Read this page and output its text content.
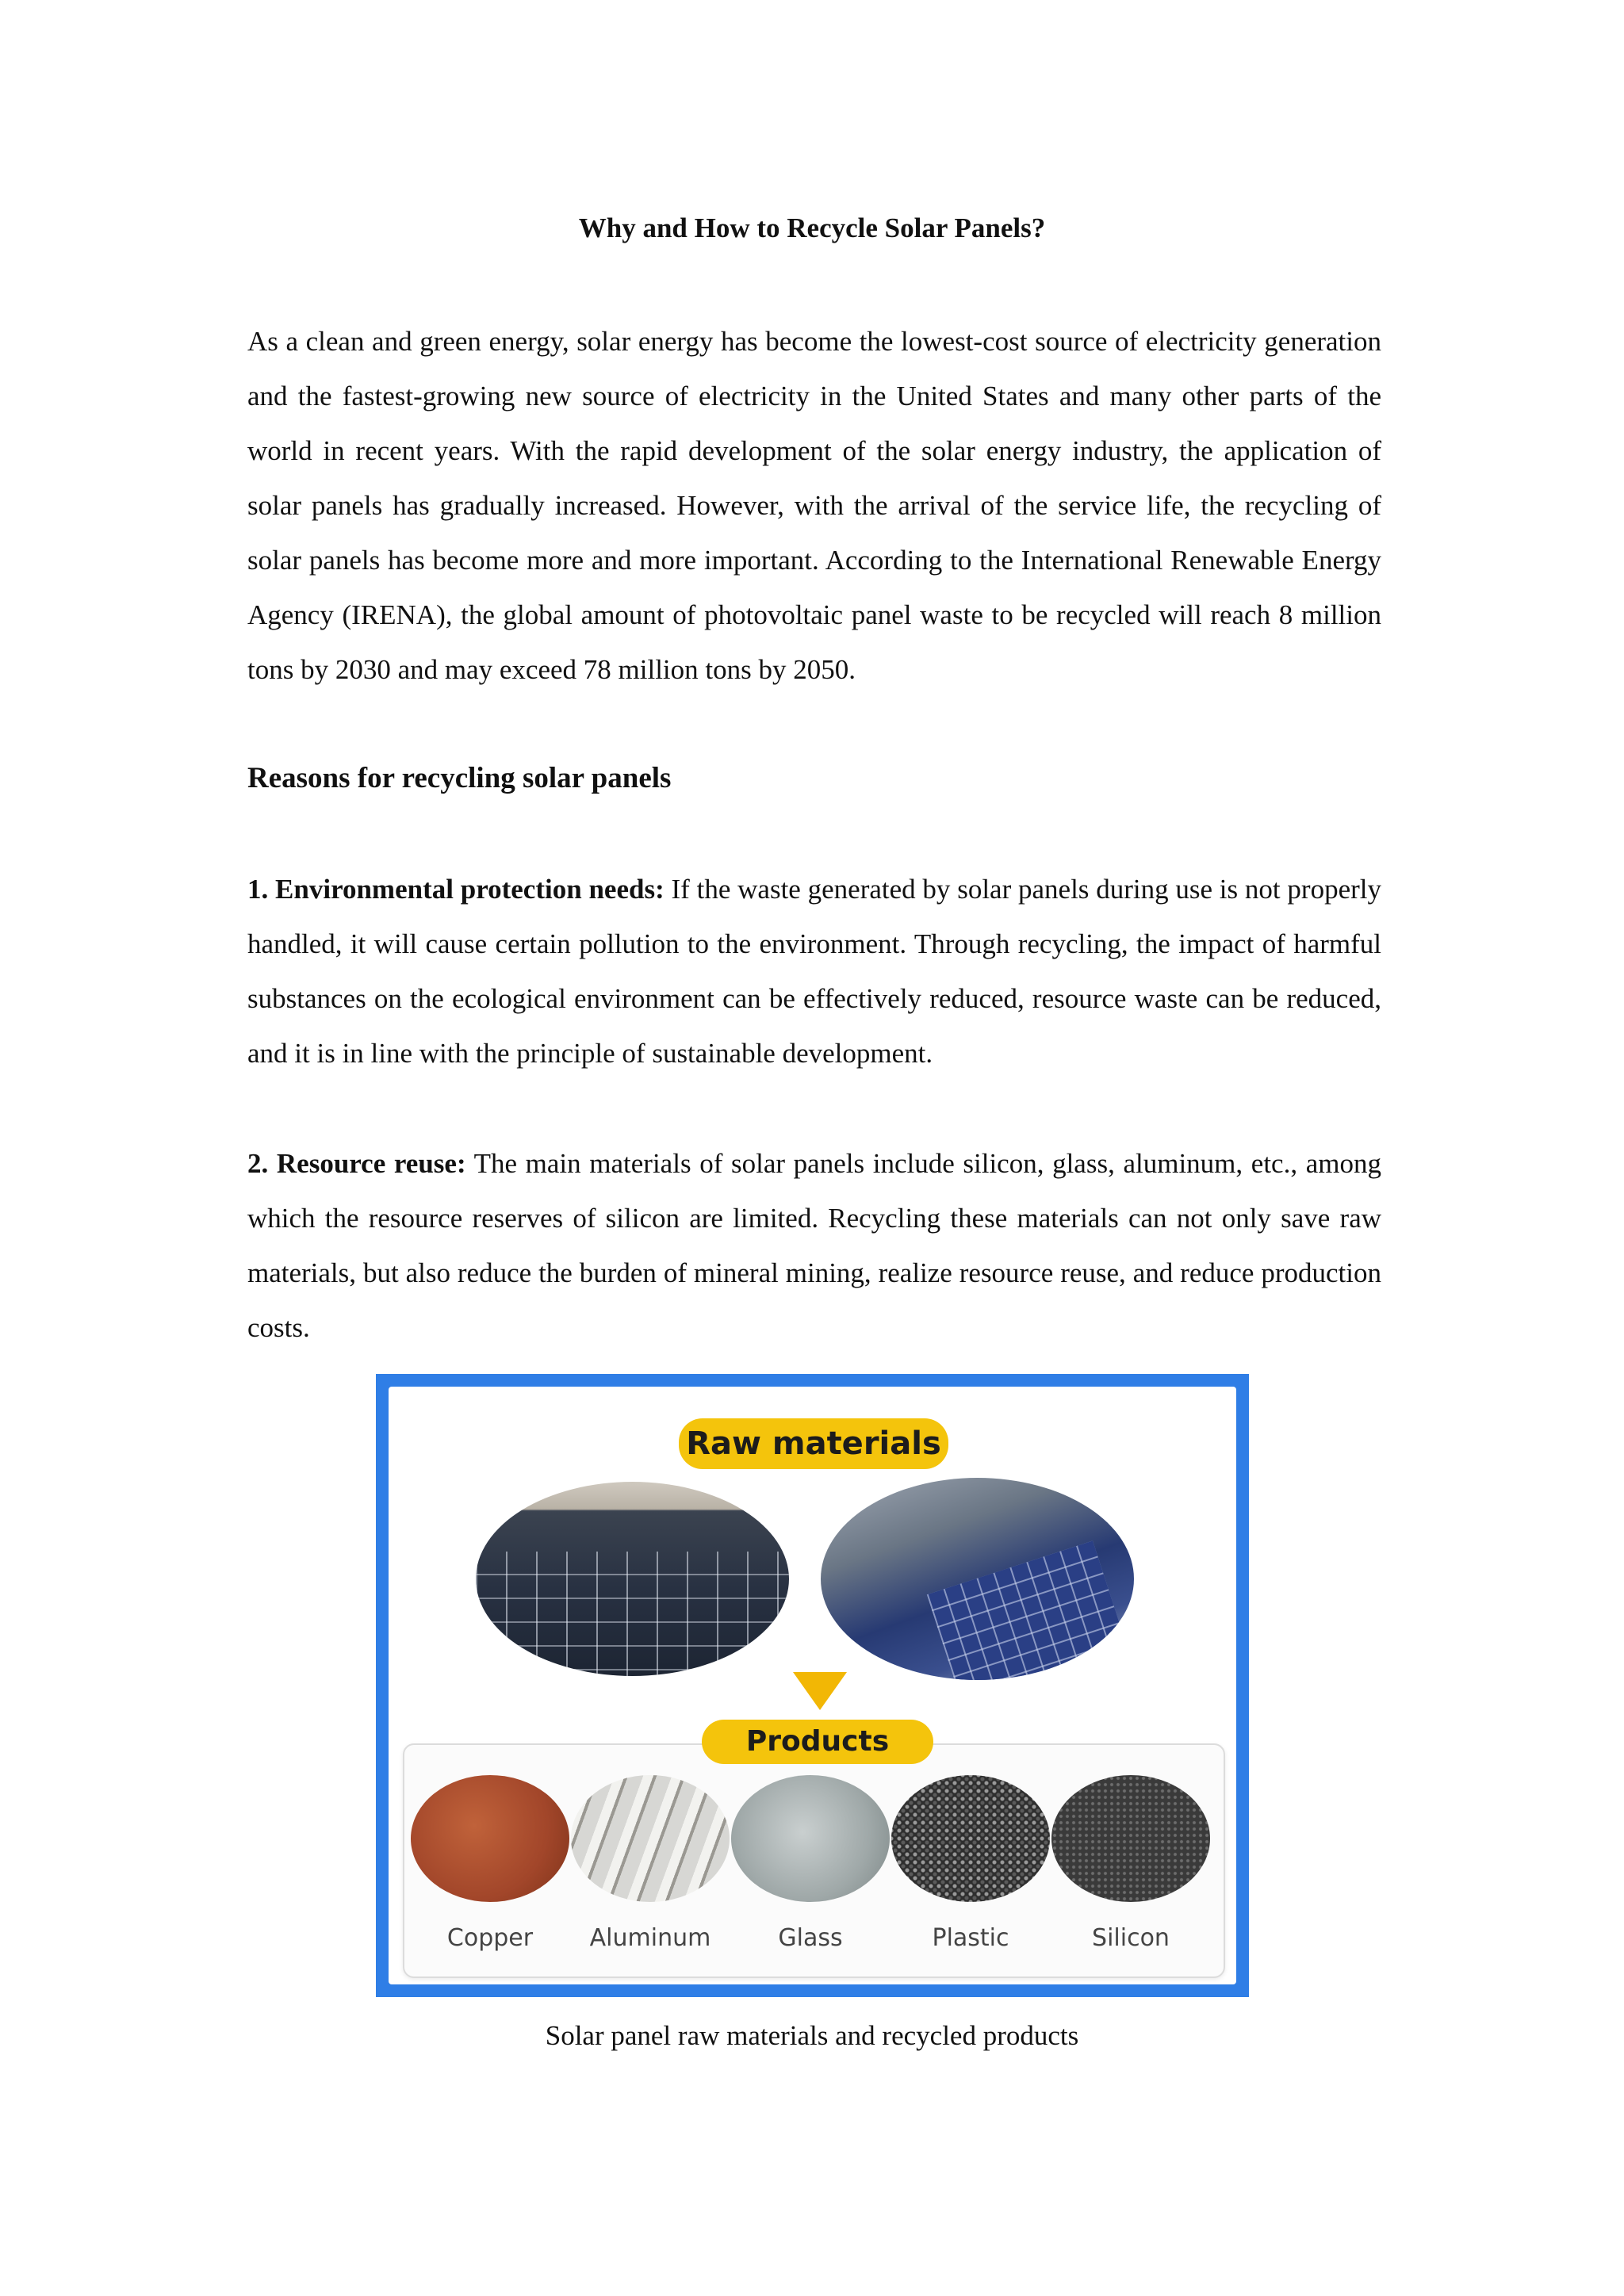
Why and How to Recycle Solar Panels?
As a clean and green energy, solar energy has become the lowest-cost source of electricity generation and the fastest-growing new source of electricity in the United States and many other parts of the world in recent years. With the rapid development of the solar energy industry, the application of solar panels has gradually increased. However, with the arrival of the service life, the recycling of solar panels has become more and more important. According to the International Renewable Energy Agency (IRENA), the global amount of photovoltaic panel waste to be recycled will reach 8 million tons by 2030 and may exceed 78 million tons by 2050.
Reasons for recycling solar panels
1. Environmental protection needs: If the waste generated by solar panels during use is not properly handled, it will cause certain pollution to the environment. Through recycling, the impact of harmful substances on the ecological environment can be effectively reduced, resource waste can be reduced, and it is in line with the principle of sustainable development.
2. Resource reuse: The main materials of solar panels include silicon, glass, aluminum, etc., among which the resource reserves of silicon are limited. Recycling these materials can not only save raw materials, but also reduce the burden of mineral mining, realize resource reuse, and reduce production costs.
Raw materials
Copper	Aluminum	Glass	Plastic	Silicon
Products
Solar panel raw materials and recycled products
